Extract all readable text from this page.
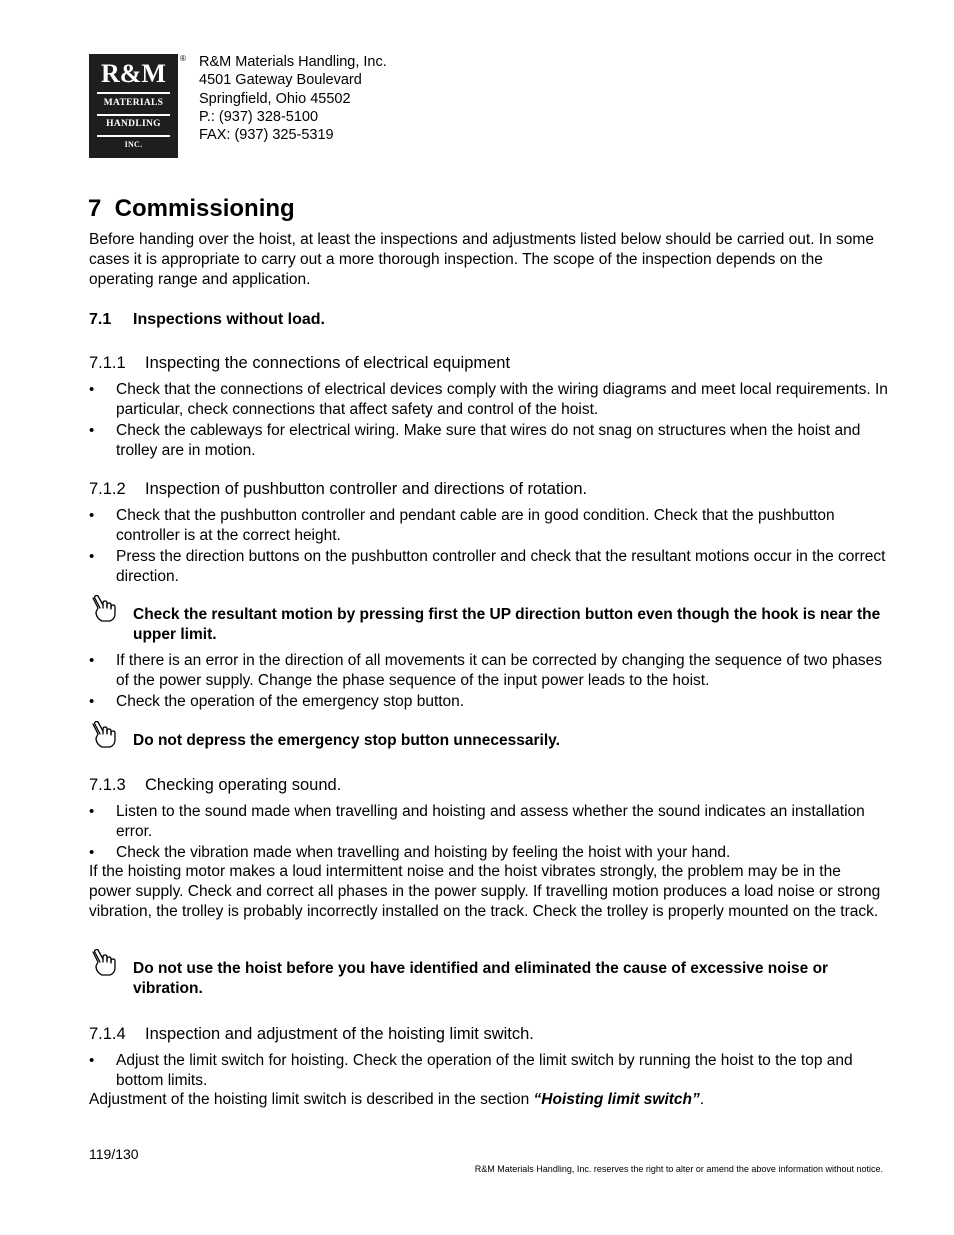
R&M
MATERIALS
HANDLING
INC.
® R&M Materials Handling, Inc.
4501 Gateway Boulevard
Springfield, Ohio 45502
P.: (937) 328-5100
FAX: (937) 325-5319
7  Commissioning

Before handing over the hoist, at least the inspections and adjustments listed below should be carried out. In some cases it is appropriate to carry out a more thorough inspection. The scope of the inspection depends on the operating range and application.

7.1 Inspections without load.
7.1.1 Inspecting the connections of electrical equipment
•	Check that the connections of electrical devices comply with the wiring diagrams and meet local requirements. In particular, check connections that affect safety and control of the hoist.
•	Check the cableways for electrical wiring. Make sure that wires do not snag on structures when the hoist and trolley are in motion.
7.1.2 Inspection of pushbutton controller and directions of rotation.
•	Check that the pushbutton controller and pendant cable are in good condition. Check that the pushbutton controller is at the correct height.
•	Press the direction buttons on the pushbutton controller and check that the resultant motions occur in the correct direction.
Check the resultant motion by pressing first the UP direction button even though the hook is near the upper limit.
•	If there is an error in the direction of all movements it can be corrected by changing the sequence of two phases of the power supply. Change the phase sequence of the input power leads to the hoist.
•	Check the operation of the emergency stop button.
Do not depress the emergency stop button unnecessarily.
7.1.3 Checking operating sound.
•	Listen to the sound made when travelling and hoisting and assess whether the sound indicates an installation error.
•	Check the vibration made when travelling and hoisting by feeling the hoist with your hand.

If the hoisting motor makes a loud intermittent noise and the hoist vibrates strongly, the problem may be in the power supply. Check and correct all phases in the power supply. If travelling motion produces a load noise or strong vibration, the trolley is probably incorrectly installed on the track. Check the trolley is properly mounted on the track.

Do not use the hoist before you have identified and eliminated the cause of excessive noise or vibration.
7.1.4 Inspection and adjustment of the hoisting limit switch.
•	Adjust the limit switch for hoisting. Check the operation of the limit switch by running the hoist to the top and bottom limits.

Adjustment of the hoisting limit switch is described in the section “Hoisting limit switch”.

119/130
R&M Materials Handling, Inc. reserves the right to alter or amend the above information without notice.
